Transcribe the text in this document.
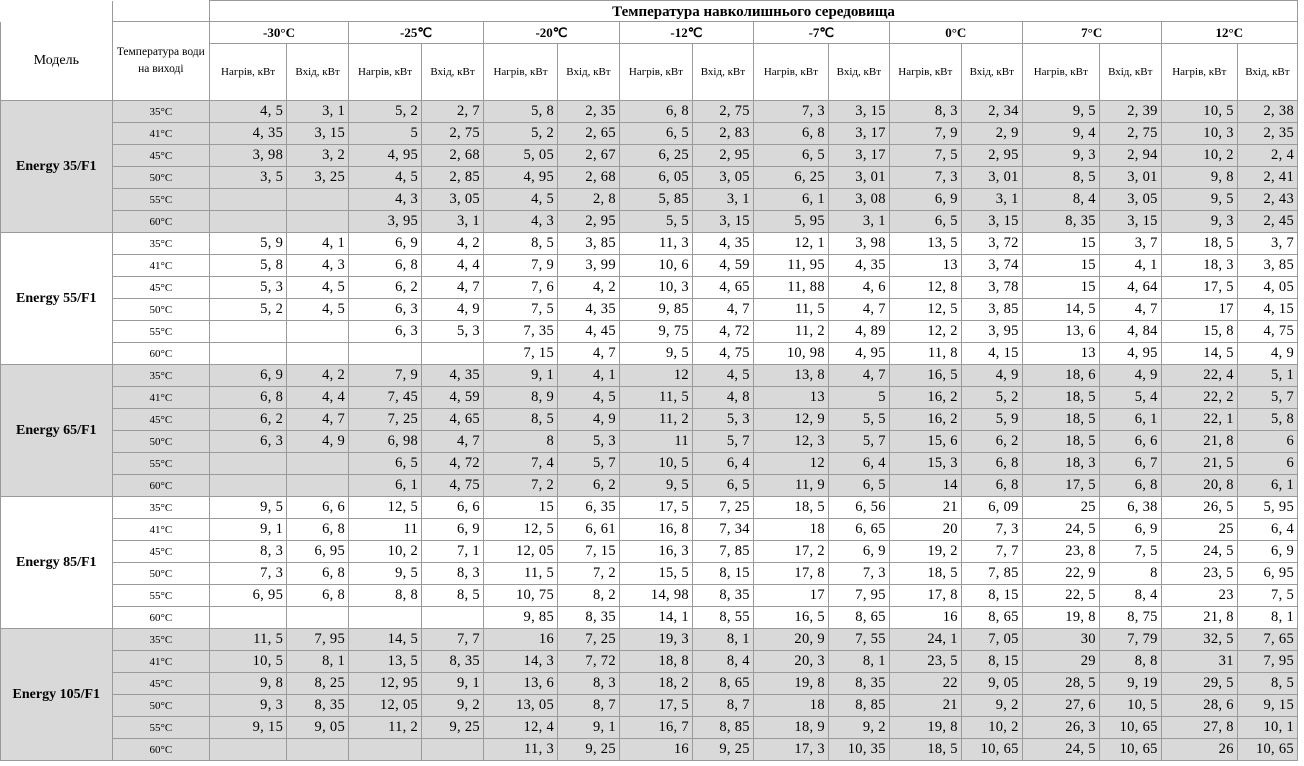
		Температура навколишнього середовища															
Модель	Температура води на виході	-30°C		-25℃		-20℃		-12℃		-7℃		0°C		7°C		12°C	
		Нагрів, кВт	Вхід, кВт	Нагрів, кВт	Вхід, кВт	Нагрів, кВт	Вхід, кВт	Нагрів, кВт	Вхід, кВт	Нагрів, кВт	Вхід, кВт	Нагрів, кВт	Вхід, кВт	Нагрів, кВт	Вхід, кВт	Нагрів, кВт	Вхід, кВт
Energy 35/F1	35°C	4, 5	3, 1	5, 2	2, 7	5, 8	2, 35	6, 8	2, 75	7, 3	3, 15	8, 3	2, 34	9, 5	2, 39	10, 5	2, 38
	41°C	4, 35	3, 15	5	2, 75	5, 2	2, 65	6, 5	2, 83	6, 8	3, 17	7, 9	2, 9	9, 4	2, 75	10, 3	2, 35
	45°C	3, 98	3, 2	4, 95	2, 68	5, 05	2, 67	6, 25	2, 95	6, 5	3, 17	7, 5	2, 95	9, 3	2, 94	10, 2	2, 4
	50°C	3, 5	3, 25	4, 5	2, 85	4, 95	2, 68	6, 05	3, 05	6, 25	3, 01	7, 3	3, 01	8, 5	3, 01	9, 8	2, 41
	55°C			4, 3	3, 05	4, 5	2, 8	5, 85	3, 1	6, 1	3, 08	6, 9	3, 1	8, 4	3, 05	9, 5	2, 43
	60°C			3, 95	3, 1	4, 3	2, 95	5, 5	3, 15	5, 95	3, 1	6, 5	3, 15	8, 35	3, 15	9, 3	2, 45
Energy 55/F1	35°C	5, 9	4, 1	6, 9	4, 2	8, 5	3, 85	11, 3	4, 35	12, 1	3, 98	13, 5	3, 72	15	3, 7	18, 5	3, 7
	41°C	5, 8	4, 3	6, 8	4, 4	7, 9	3, 99	10, 6	4, 59	11, 95	4, 35	13	3, 74	15	4, 1	18, 3	3, 85
	45°C	5, 3	4, 5	6, 2	4, 7	7, 6	4, 2	10, 3	4, 65	11, 88	4, 6	12, 8	3, 78	15	4, 64	17, 5	4, 05
	50°C	5, 2	4, 5	6, 3	4, 9	7, 5	4, 35	9, 85	4, 7	11, 5	4, 7	12, 5	3, 85	14, 5	4, 7	17	4, 15
	55°C			6, 3	5, 3	7, 35	4, 45	9, 75	4, 72	11, 2	4, 89	12, 2	3, 95	13, 6	4, 84	15, 8	4, 75
	60°C					7, 15	4, 7	9, 5	4, 75	10, 98	4, 95	11, 8	4, 15	13	4, 95	14, 5	4, 9
Energy 65/F1	35°C	6, 9	4, 2	7, 9	4, 35	9, 1	4, 1	12	4, 5	13, 8	4, 7	16, 5	4, 9	18, 6	4, 9	22, 4	5, 1
	41°C	6, 8	4, 4	7, 45	4, 59	8, 9	4, 5	11, 5	4, 8	13	5	16, 2	5, 2	18, 5	5, 4	22, 2	5, 7
	45°C	6, 2	4, 7	7, 25	4, 65	8, 5	4, 9	11, 2	5, 3	12, 9	5, 5	16, 2	5, 9	18, 5	6, 1	22, 1	5, 8
	50°C	6, 3	4, 9	6, 98	4, 7	8	5, 3	11	5, 7	12, 3	5, 7	15, 6	6, 2	18, 5	6, 6	21, 8	6
	55°C			6, 5	4, 72	7, 4	5, 7	10, 5	6, 4	12	6, 4	15, 3	6, 8	18, 3	6, 7	21, 5	6
	60°C			6, 1	4, 75	7, 2	6, 2	9, 5	6, 5	11, 9	6, 5	14	6, 8	17, 5	6, 8	20, 8	6, 1
Energy 85/F1	35°C	9, 5	6, 6	12, 5	6, 6	15	6, 35	17, 5	7, 25	18, 5	6, 56	21	6, 09	25	6, 38	26, 5	5, 95
	41°C	9, 1	6, 8	11	6, 9	12, 5	6, 61	16, 8	7, 34	18	6, 65	20	7, 3	24, 5	6, 9	25	6, 4
	45°C	8, 3	6, 95	10, 2	7, 1	12, 05	7, 15	16, 3	7, 85	17, 2	6, 9	19, 2	7, 7	23, 8	7, 5	24, 5	6, 9
	50°C	7, 3	6, 8	9, 5	8, 3	11, 5	7, 2	15, 5	8, 15	17, 8	7, 3	18, 5	7, 85	22, 9	8	23, 5	6, 95
	55°C	6, 95	6, 8	8, 8	8, 5	10, 75	8, 2	14, 98	8, 35	17	7, 95	17, 8	8, 15	22, 5	8, 4	23	7, 5
	60°C					9, 85	8, 35	14, 1	8, 55	16, 5	8, 65	16	8, 65	19, 8	8, 75	21, 8	8, 1
Energy 105/F1	35°C	11, 5	7, 95	14, 5	7, 7	16	7, 25	19, 3	8, 1	20, 9	7, 55	24, 1	7, 05	30	7, 79	32, 5	7, 65
	41°C	10, 5	8, 1	13, 5	8, 35	14, 3	7, 72	18, 8	8, 4	20, 3	8, 1	23, 5	8, 15	29	8, 8	31	7, 95
	45°C	9, 8	8, 25	12, 95	9, 1	13, 6	8, 3	18, 2	8, 65	19, 8	8, 35	22	9, 05	28, 5	9, 19	29, 5	8, 5
	50°C	9, 3	8, 35	12, 05	9, 2	13, 05	8, 7	17, 5	8, 7	18	8, 85	21	9, 2	27, 6	10, 5	28, 6	9, 15
	55°C	9, 15	9, 05	11, 2	9, 25	12, 4	9, 1	16, 7	8, 85	18, 9	9, 2	19, 8	10, 2	26, 3	10, 65	27, 8	10, 1
	60°C					11, 3	9, 25	16	9, 25	17, 3	10, 35	18, 5	10, 65	24, 5	10, 65	26	10, 65
